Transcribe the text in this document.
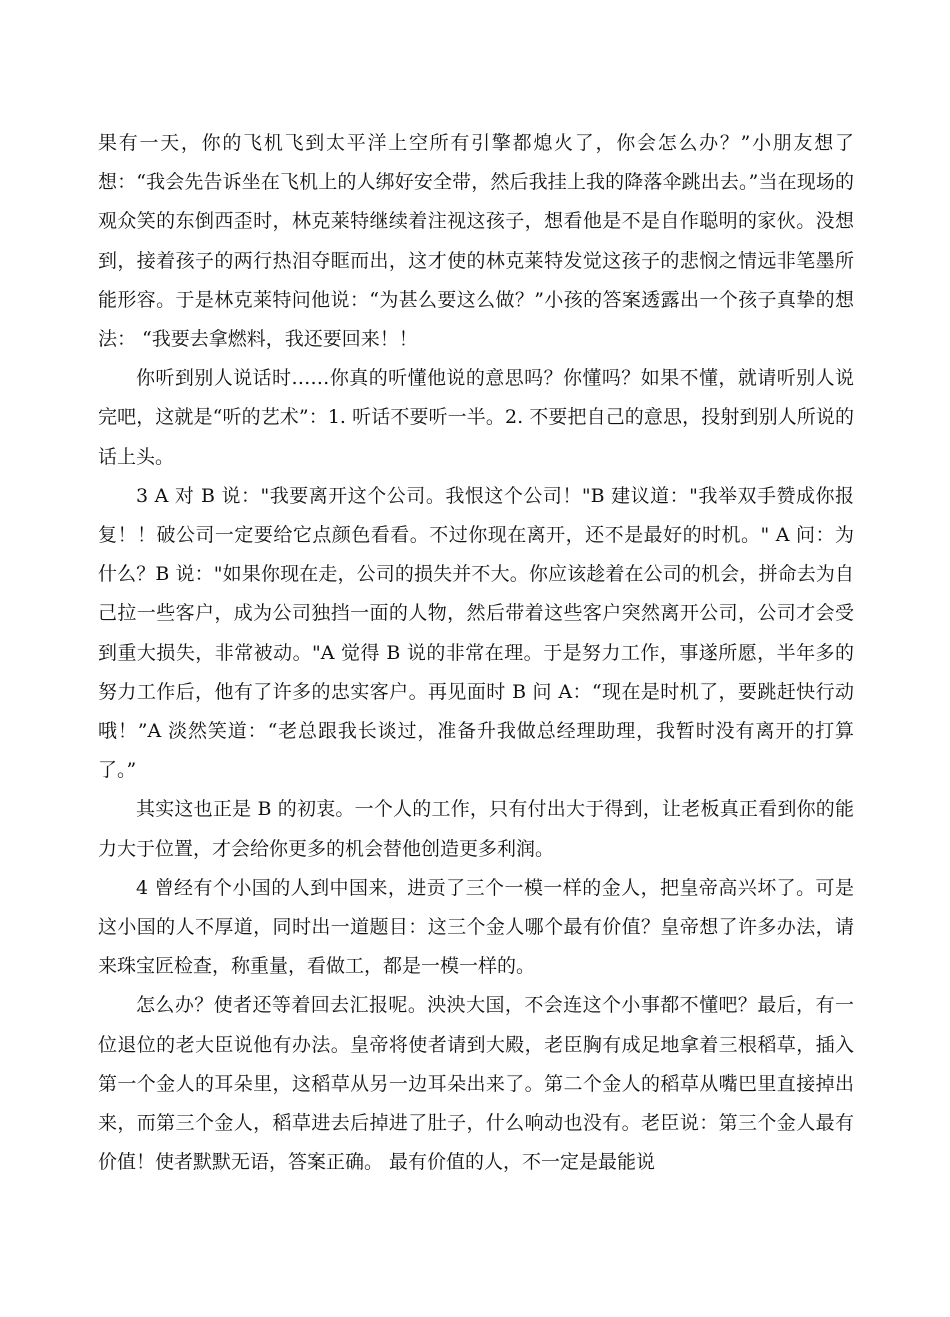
果有一天，你的飞机飞到太平洋上空所有引擎都熄火了，你会怎么办？”小朋友想了想：“我会先告诉坐在飞机上的人绑好安全带，然后我挂上我的降落伞跳出去。”当在现场的观众笑的东倒西歪时，林克莱特继续着注视这孩子，想看他是不是自作聪明的家伙。没想到，接着孩子的两行热泪夺眶而出，这才使的林克莱特发觉这孩子的悲悯之情远非笔墨所能形容。于是林克莱特问他说：“为甚么要这么做？”小孩的答案透露出一个孩子真挚的想法： “我要去拿燃料，我还要回来！！

你听到别人说话时……你真的听懂他说的意思吗？你懂吗？如果不懂，就请听别人说完吧，这就是“听的艺术”：1. 听话不要听一半。2. 不要把自己的意思，投射到别人所说的话上头。

3 A 对 B 说："我要离开这个公司。我恨这个公司！"B 建议道："我举双手赞成你报复！！破公司一定要给它点颜色看看。不过你现在离开，还不是最好的时机。" A 问：为什么？B 说："如果你现在走，公司的损失并不大。你应该趁着在公司的机会，拼命去为自己拉一些客户，成为公司独挡一面的人物，然后带着这些客户突然离开公司，公司才会受到重大损失，非常被动。"A 觉得 B 说的非常在理。于是努力工作，事遂所愿，半年多的努力工作后，他有了许多的忠实客户。再见面时 B 问 A：“现在是时机了，要跳赶快行动哦！”A 淡然笑道：“老总跟我长谈过，准备升我做总经理助理，我暂时没有离开的打算了。”

其实这也正是 B 的初衷。一个人的工作，只有付出大于得到，让老板真正看到你的能力大于位置，才会给你更多的机会替他创造更多利润。

4 曾经有个小国的人到中国来，进贡了三个一模一样的金人，把皇帝高兴坏了。可是这小国的人不厚道，同时出一道题目：这三个金人哪个最有价值？皇帝想了许多办法，请来珠宝匠检查，称重量，看做工，都是一模一样的。

怎么办？使者还等着回去汇报呢。泱泱大国，不会连这个小事都不懂吧？最后，有一位退位的老大臣说他有办法。皇帝将使者请到大殿，老臣胸有成足地拿着三根稻草，插入第一个金人的耳朵里，这稻草从另一边耳朵出来了。第二个金人的稻草从嘴巴里直接掉出来，而第三个金人，稻草进去后掉进了肚子，什么响动也没有。老臣说：第三个金人最有价值！使者默默无语，答案正确。 最有价值的人，不一定是最能说
